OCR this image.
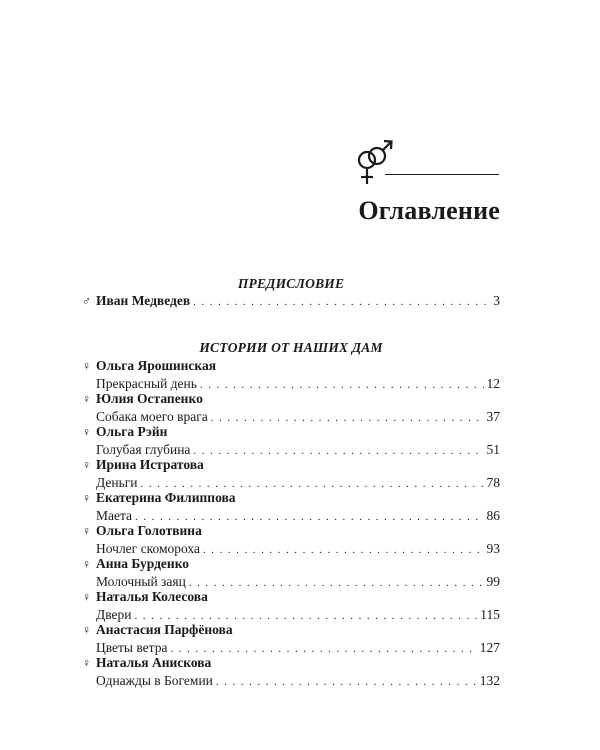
Оглавление
ПРЕДИСЛОВИЕ
♂ Иван Медведев . . .	3
ИСТОРИИ ОТ НАШИХ ДАМ
♀ Ольга Ярошинская
Прекрасный день . . .	12
♀ Юлия Остапенко
Собака моего врага . . .	37
♀ Ольга Рэйн
Голубая глубина . . .	51
♀ Ирина Истратова
Деньги . . .	78
♀ Екатерина Филиппова
Маета . . .	86
♀ Ольга Голотвина
Ночлег скомороха . . .	93
♀ Анна Бурденко
Молочный заяц . . .	99
♀ Наталья Колесова
Двери . . .	115
♀ Анастасия Парфёнова
Цветы ветра . . .	127
♀ Наталья Анискова
Однажды в Богемии . . .	132
